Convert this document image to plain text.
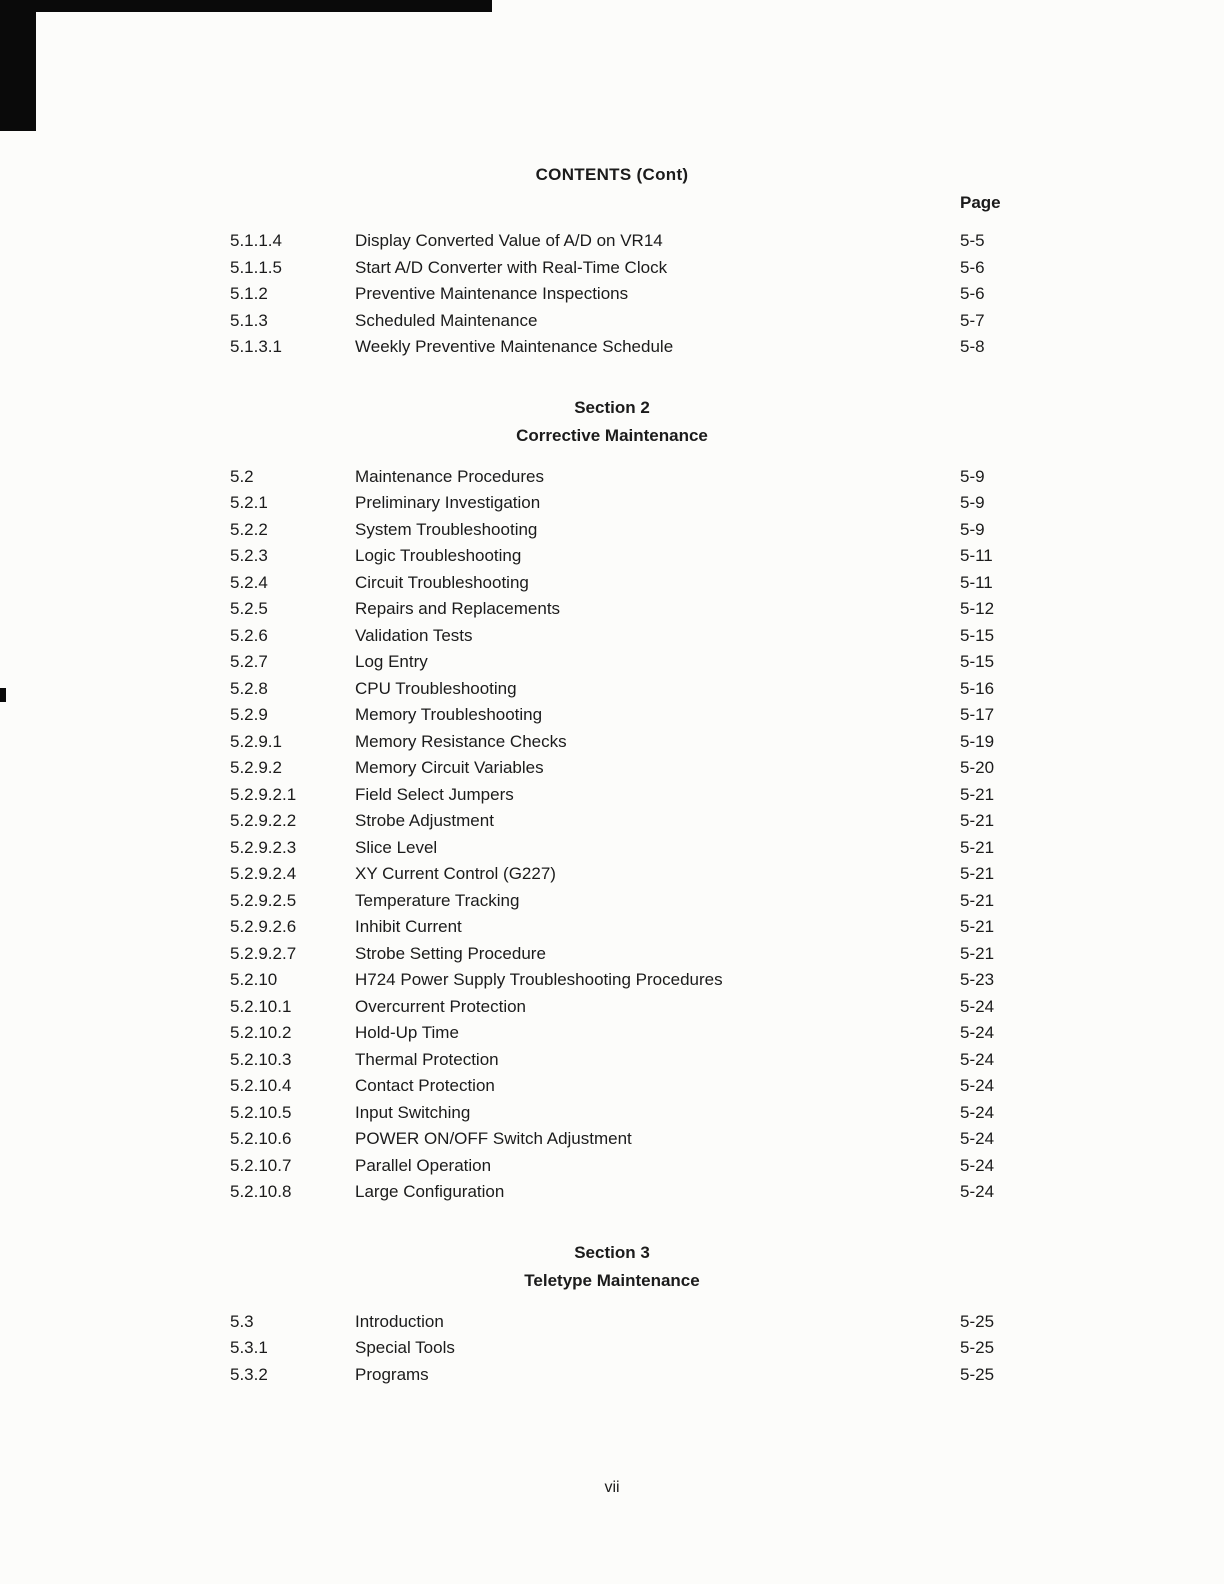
CONTENTS (Cont)
Page
5.1.1.4	Display Converted Value of A/D on VR14	5-5
5.1.1.5	Start A/D Converter with Real-Time Clock	5-6
5.1.2	Preventive Maintenance Inspections	5-6
5.1.3	Scheduled Maintenance	5-7
5.1.3.1	Weekly Preventive Maintenance Schedule	5-8
Section 2
Corrective Maintenance
5.2	Maintenance Procedures	5-9
5.2.1	Preliminary Investigation	5-9
5.2.2	System Troubleshooting	5-9
5.2.3	Logic Troubleshooting	5-11
5.2.4	Circuit Troubleshooting	5-11
5.2.5	Repairs and Replacements	5-12
5.2.6	Validation Tests	5-15
5.2.7	Log Entry	5-15
5.2.8	CPU Troubleshooting	5-16
5.2.9	Memory Troubleshooting	5-17
5.2.9.1	Memory Resistance Checks	5-19
5.2.9.2	Memory Circuit Variables	5-20
5.2.9.2.1	Field Select Jumpers	5-21
5.2.9.2.2	Strobe Adjustment	5-21
5.2.9.2.3	Slice Level	5-21
5.2.9.2.4	XY Current Control (G227)	5-21
5.2.9.2.5	Temperature Tracking	5-21
5.2.9.2.6	Inhibit Current	5-21
5.2.9.2.7	Strobe Setting Procedure	5-21
5.2.10	H724 Power Supply Troubleshooting Procedures	5-23
5.2.10.1	Overcurrent Protection	5-24
5.2.10.2	Hold-Up Time	5-24
5.2.10.3	Thermal Protection	5-24
5.2.10.4	Contact Protection	5-24
5.2.10.5	Input Switching	5-24
5.2.10.6	POWER ON/OFF Switch Adjustment	5-24
5.2.10.7	Parallel Operation	5-24
5.2.10.8	Large Configuration	5-24
Section 3
Teletype Maintenance
5.3	Introduction	5-25
5.3.1	Special Tools	5-25
5.3.2	Programs	5-25
vii
